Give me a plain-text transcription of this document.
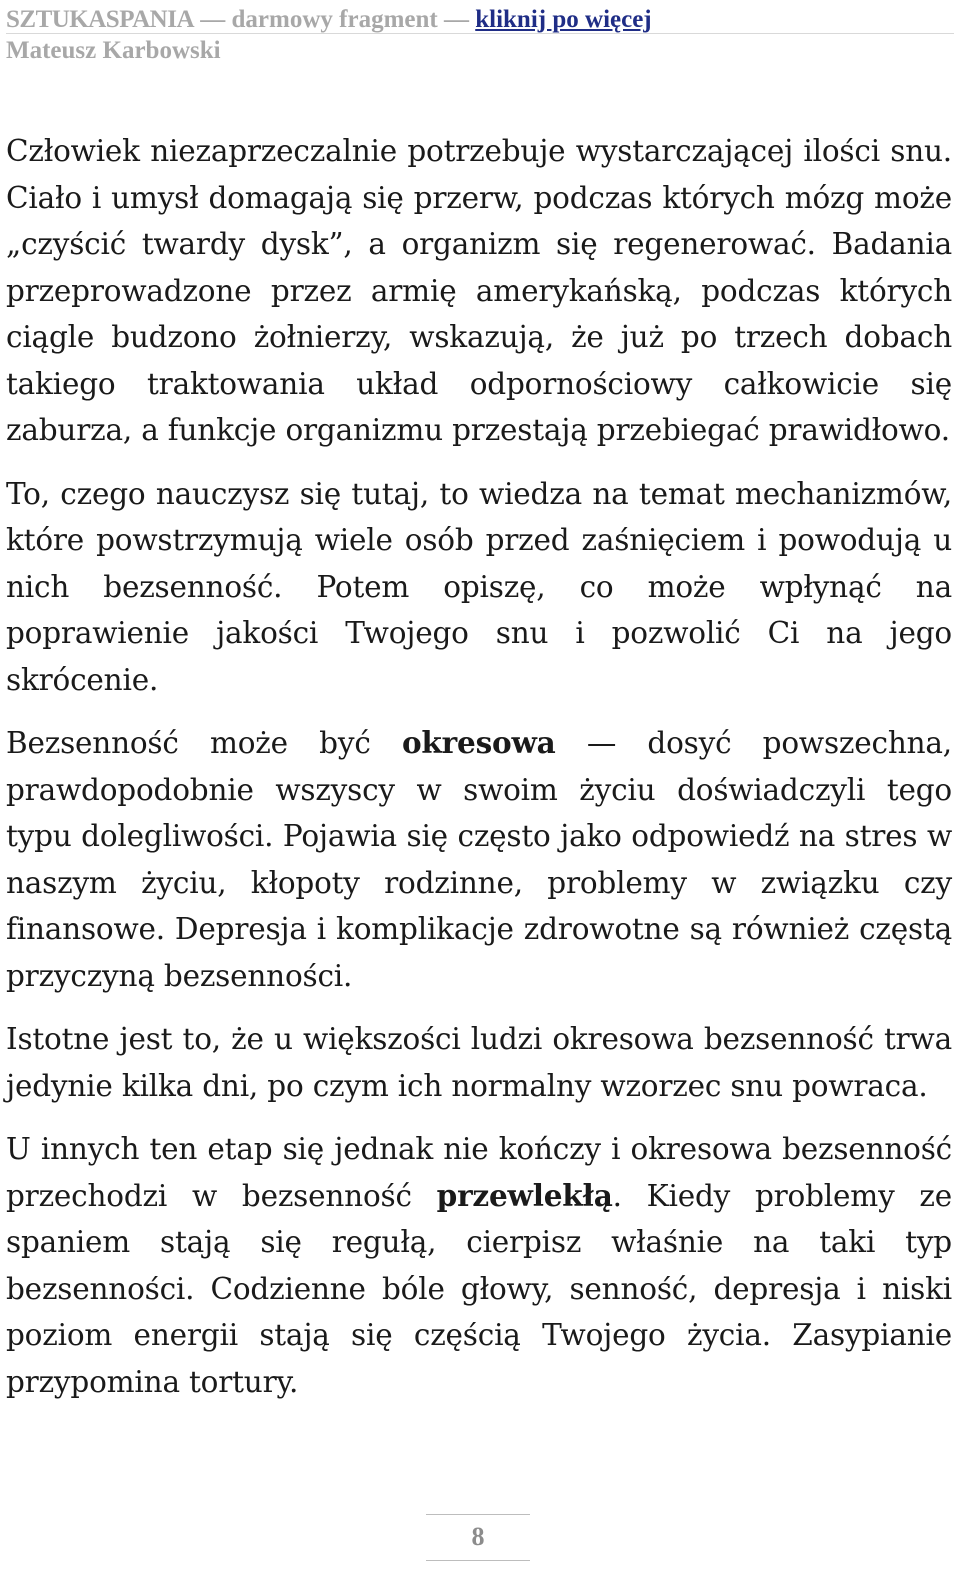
SZTUKASPANIA — darmowy fragment — kliknij po więcej
Mateusz Karbowski

Człowiek niezaprzeczalnie potrzebuje wystarczającej ilości snu. Ciało i umysł domagają się przerw, podczas których mózg może „czyścić twardy dysk”, a organizm się regenerować. Badania przeprowadzone przez armię amerykańską, podczas których ciągle budzono żołnierzy, wskazują, że już po trzech dobach takiego traktowania układ odpornościowy całkowicie się zaburza, a funkcje organizmu przestają przebiegać prawidłowo.

To, czego nauczysz się tutaj, to wiedza na temat mechanizmów, które powstrzymują wiele osób przed zaśnięciem i powodują u nich bezsenność. Potem opiszę, co może wpłynąć na poprawienie jakości Twojego snu i pozwolić Ci na jego skrócenie.

Bezsenność może być okresowa — dosyć powszechna, prawdopodobnie wszyscy w swoim życiu doświadczyli tego typu dolegliwości. Pojawia się często jako odpowiedź na stres w naszym życiu, kłopoty rodzinne, problemy w związku czy finansowe. Depresja i komplikacje zdrowotne są również częstą przyczyną bezsenności.

Istotne jest to, że u większości ludzi okresowa bezsenność trwa jedynie kilka dni, po czym ich normalny wzorzec snu powraca.

U innych ten etap się jednak nie kończy i okresowa bezsenność przechodzi w bezsenność przewlekłą. Kiedy problemy ze spaniem stają się regułą, cierpisz właśnie na taki typ bezsenności. Codzienne bóle głowy, senność, depresja i niski poziom energii stają się częścią Twojego życia. Zasypianie przypomina tortury.

8
